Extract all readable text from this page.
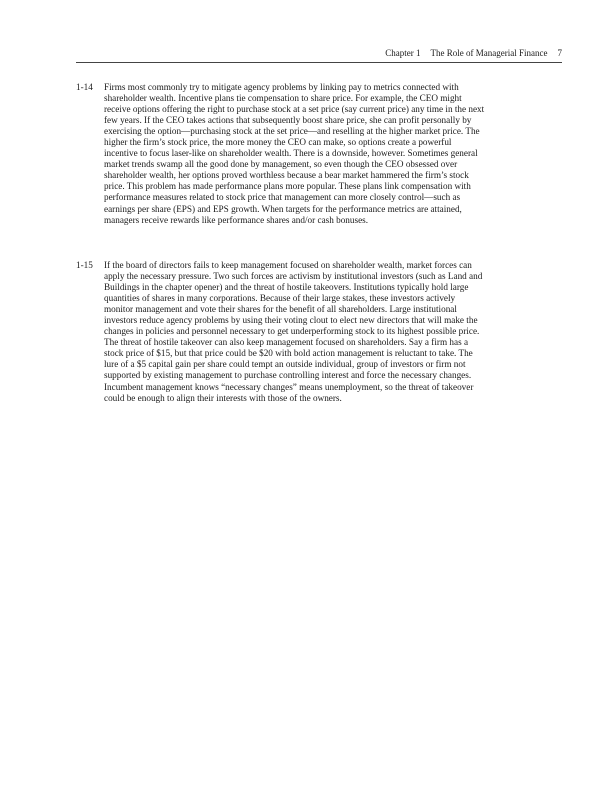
Chapter 1 The Role of Managerial Finance 7
1-14	Firms most commonly try to mitigate agency problems by linking pay to metrics connected with
shareholder wealth. Incentive plans tie compensation to share price. For example, the CEO might
receive options offering the right to purchase stock at a set price (say current price) any time in the next
few years. If the CEO takes actions that subsequently boost share price, she can profit personally by
exercising the option—purchasing stock at the set price—and reselling at the higher market price. The
higher the firm’s stock price, the more money the CEO can make, so options create a powerful
incentive to focus laser-like on shareholder wealth. There is a downside, however. Sometimes general
market trends swamp all the good done by management, so even though the CEO obsessed over
shareholder wealth, her options proved worthless because a bear market hammered the firm’s stock
price. This problem has made performance plans more popular. These plans link compensation with
performance measures related to stock price that management can more closely control—such as
earnings per share (EPS) and EPS growth. When targets for the performance metrics are attained,
managers receive rewards like performance shares and/or cash bonuses.
1-15	If the board of directors fails to keep management focused on shareholder wealth, market forces can
apply the necessary pressure. Two such forces are activism by institutional investors (such as Land and
Buildings in the chapter opener) and the threat of hostile takeovers. Institutions typically hold large
quantities of shares in many corporations. Because of their large stakes, these investors actively
monitor management and vote their shares for the benefit of all shareholders. Large institutional
investors reduce agency problems by using their voting clout to elect new directors that will make the
changes in policies and personnel necessary to get underperforming stock to its highest possible price.
The threat of hostile takeover can also keep management focused on shareholders. Say a firm has a
stock price of $15, but that price could be $20 with bold action management is reluctant to take. The
lure of a $5 capital gain per share could tempt an outside individual, group of investors or firm not
supported by existing management to purchase controlling interest and force the necessary changes.
Incumbent management knows “necessary changes” means unemployment, so the threat of takeover
could be enough to align their interests with those of the owners.
